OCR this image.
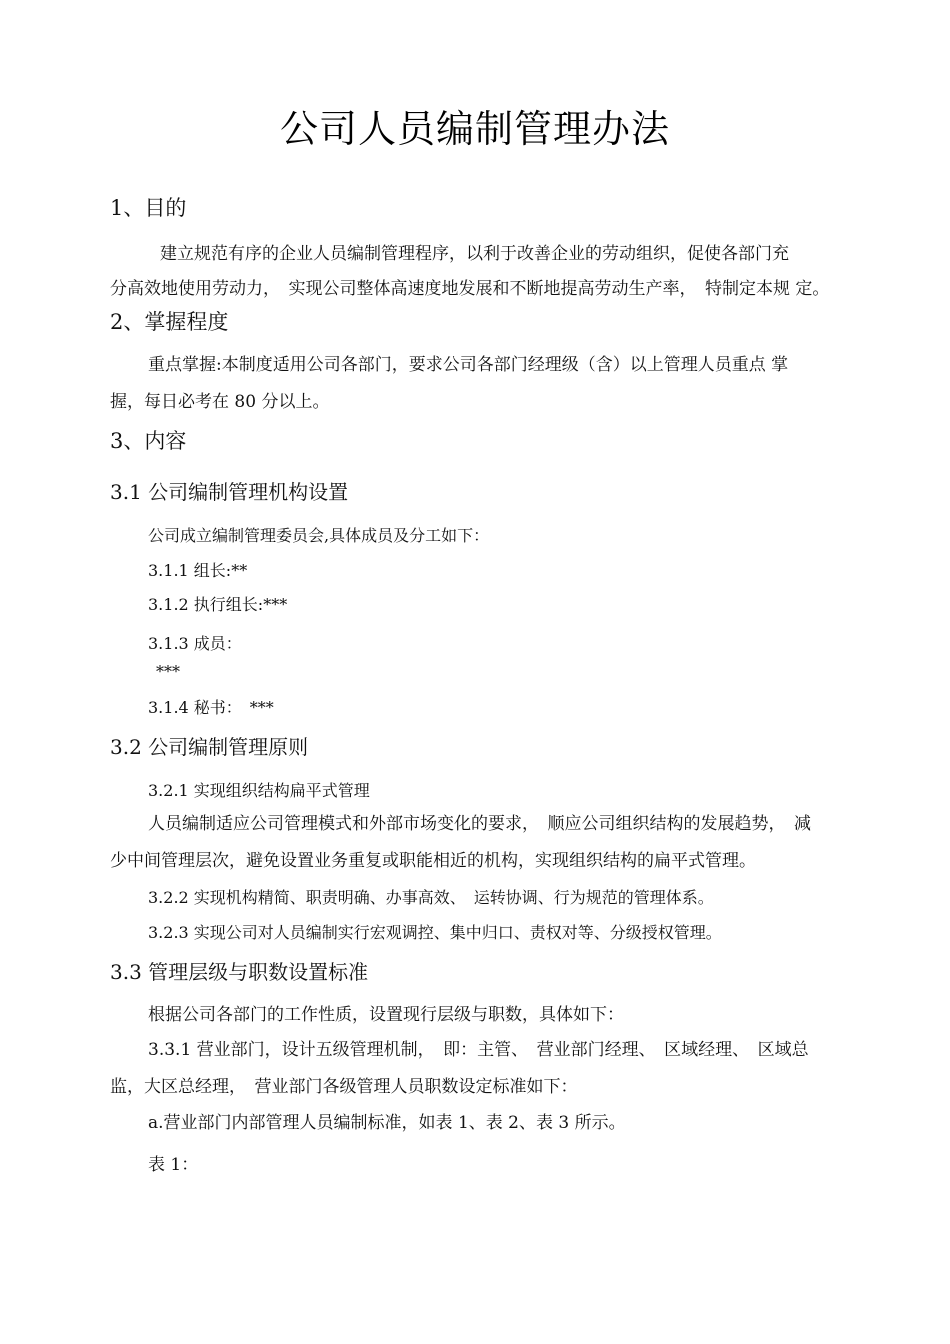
公司人员编制管理办法
1、目的
建立规范有序的企业人员编制管理程序，以利于改善企业的劳动组织，促使各部门充
分高效地使用劳动力，　实现公司整体高速度地发展和不断地提高劳动生产率，　特制定本规 定。
2、掌握程度
重点掌握:本制度适用公司各部门，要求公司各部门经理级（含）以上管理人员重点 掌
握，每日必考在 80 分以上。
3、内容
3.1 公司编制管理机构设置
公司成立编制管理委员会,具体成员及分工如下：
3.1.1 组长:**
3.1.2 执行组长:***
3.1.3 成员：
***
3.1.4 秘书：　***
3.2 公司编制管理原则
3.2.1 实现组织结构扁平式管理
人员编制适应公司管理模式和外部市场变化的要求，　顺应公司组织结构的发展趋势，　减
少中间管理层次，避免设置业务重复或职能相近的机构，实现组织结构的扁平式管理。
3.2.2 实现机构精简、职责明确、办事高效、　运转协调、行为规范的管理体系。
3.2.3 实现公司对人员编制实行宏观调控、集中归口、责权对等、分级授权管理。
3.3 管理层级与职数设置标准
根据公司各部门的工作性质，设置现行层级与职数，具体如下：
3.3.1 营业部门，设计五级管理机制，　即：主管、　营业部门经理、　区域经理、　区域总
监，大区总经理，　营业部门各级管理人员职数设定标准如下：
a.营业部门内部管理人员编制标准，如表 1、表 2、表 3 所示。
表 1：
